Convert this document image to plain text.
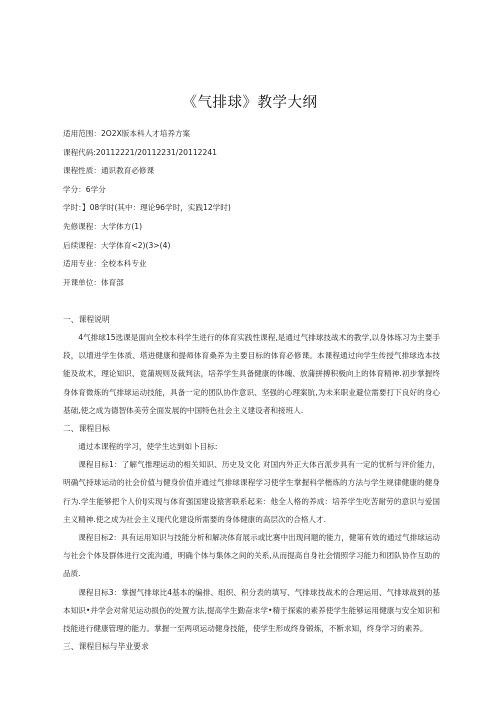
《气排球》教学大纲
适用范围：2O2X版本科人才培养方案
课程代码:20112221/20112231/20112241
课程性质：通识教育必修课
学分：6学分
学时：】08学时(其中：理论96学时，实践12学时)
先修课程：大学体方(1)
后续课程：大学体育<2)(3>(4)
适用专业：全校本科专业
开课单位：体育部
一、课程说明

4气排球15选课是面向全校本科学生进行的体育实践性课程,是通过气排球技战术的教学,以身体练习为主要手段，以增进学生体质、塔进健康和提师体育桑养为主要目标的体育必修课。本课程通过向学生传授气排球选本技能及故术，理论知识、竟蒲规则及裁判法，培养学生具备健康的体魄、放蒲拼搏积极向上的体育精神.初步掌握终身体育微炼的气排球运动技能，具备一定的团队协作意识、坚强的心理案肮,为未来职业避位需要打下良好的身心基础,使之成为德智体美劳全面发展的中国特色社会主义建设者和接班人.

二、课程目标

通过本课程的学习，使学生达到如卜目标:

课程目标1：了解气推理运动的相关知识、历史及文化 对国内外正大体百派步具有一定的忧析与评价能力，明确气持球运动的社会价值与健身价值并通过气排球课程学习使学生掌握科学楷炼的方法与学生规律健康的健身行为.学生能够把个人价IJ实现与体育强国建设猿害联系起来：他全人格的养成：培养学生吃苦耐劳的意识与爱国主义精神.使之成为社会主义现代化建设所需要的身体健康的高层次的合格人才.

课程目标2：具有运用知识与技能分析和解决体育展示或比赛中出现问题的能力，健第有效的通过气排球运动与社会个体及群体进行交流沟通，明确个体与集体之间的关系,从而提高自身社会情照学习能力和团队协作互助的品质.

课程目标3：掌握气排球比4基本的编排、组织、积分表的填写、气排球技战术的合理运用、气排球战到的基本知识•并学会对常见运动损伤的处置方法,提高学生勤奋求学•精于探索的素养使学生能够运用健康与安全知识和技能进行健康管理的能力。掌握一至两项运动健身技能，使学生形成终身锻炼，不断求知，终身学习的素养。

三、课程目标与毕业要求
